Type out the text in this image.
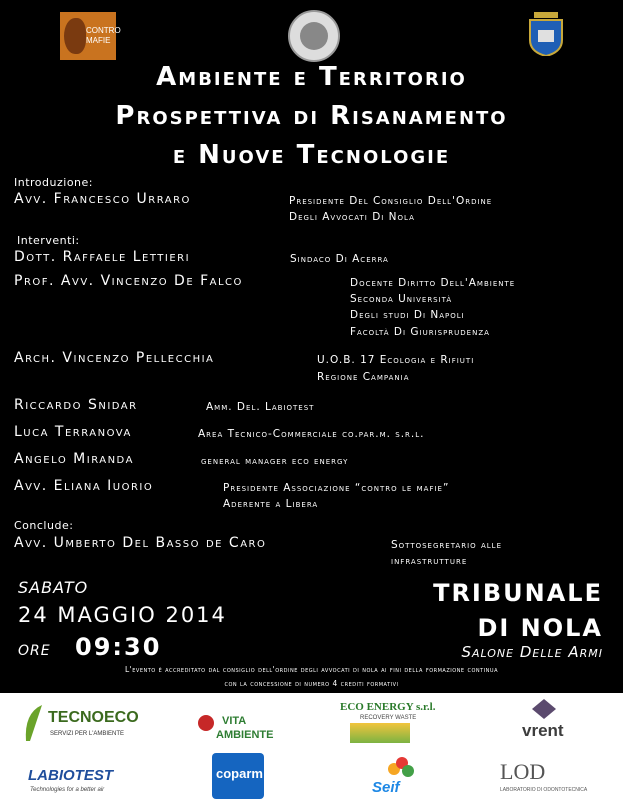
CONTRO MAFIE
Ambiente e Territorio
Prospettiva di Risanamento
e Nuove Tecnologie
Introduzione:
Avv. Francesco Urraro	Presidente Del Consiglio Dell'Ordine
Degli Avvocati Di Nola
Interventi:
Dott. Raffaele Lettieri	Sindaco Di Acerra
Prof. Avv. Vincenzo De Falco	Docente Diritto Dell'Ambiente
Seconda Università
Degli studi Di Napoli
Facoltà Di Giurisprudenza
Arch. Vincenzo Pellecchia	U.O.B. 17 Ecologia e Rifiuti
Regione Campania
Riccardo Snidar	Amm. Del. Labiotest
Luca Terranova	Area Tecnico-Commerciale co.par.m. s.r.l.
Angelo Miranda	general manager eco energy
Avv. Eliana Iuorio	Presidente Associazione “contro le mafie”
Aderente a Libera
Conclude:
Avv. Umberto Del Basso de Caro	Sottosegretario alle
infrastrutture
SABATO
24 MAGGIO 2014
ORE 09:30
TRIBUNALE
DI NOLA
Salone Delle Armi
L'evento è accreditato dal consiglio dell'ordine degli avvocati di nola ai fini della formazione continua
con la concessione di numero 4 crediti formativi
TECNOECO
SERVIZI PER L'AMBIENTE
VITA
AMBIENTE
ECO ENERGY s.r.l.
RECOVERY WASTE
vrent
LABIOTEST
Technologies for a better air
coparm
Seif
LOD
LABORATORIO DI ODONTOTECNICA
